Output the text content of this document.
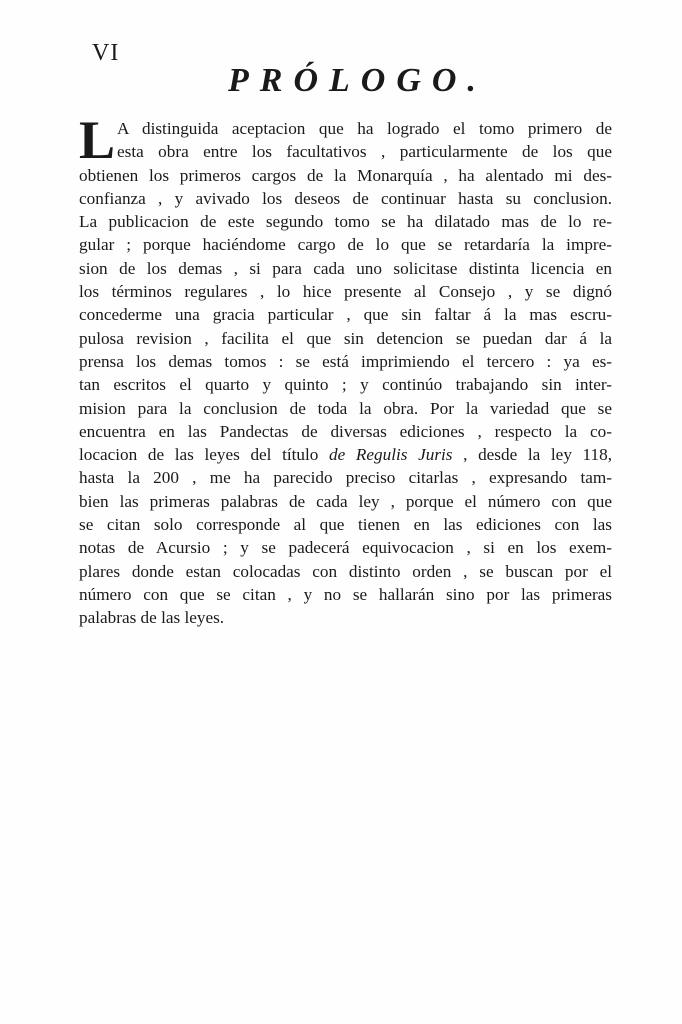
VI
PRÓLOGO.
L A distinguida aceptacion que ha logrado el tomo primero de
esta obra entre los facultativos , particularmente de los que
obtienen los primeros cargos de la Monarquía , ha alentado mi des-
confianza , y avivado los deseos de continuar hasta su conclusion.
La publicacion de este segundo tomo se ha dilatado mas de lo re-
gular ; porque haciéndome cargo de lo que se retardaría la impre-
sion de los demas , si para cada uno solicitase distinta licencia en
los términos regulares , lo hice presente al Consejo , y se dignó
concederme una gracia particular , que sin faltar á la mas escru-
pulosa revision , facilita el que sin detencion se puedan dar á la
prensa los demas tomos : se está imprimiendo el tercero : ya es-
tan escritos el quarto y quinto ; y continúo trabajando sin inter-
mision para la conclusion de toda la obra. Por la variedad que se
encuentra en las Pandectas de diversas ediciones , respecto la co-
locacion de las leyes del título de Regulis Juris , desde la ley 118,
hasta la 200 , me ha parecido preciso citarlas , expresando tam-
bien las primeras palabras de cada ley , porque el número con que
se citan solo corresponde al que tienen en las ediciones con las
notas de Acursio ; y se padecerá equivocacion , si en los exem-
plares donde estan colocadas con distinto orden , se buscan por el
número con que se citan , y no se hallarán sino por las primeras
palabras de las leyes.
